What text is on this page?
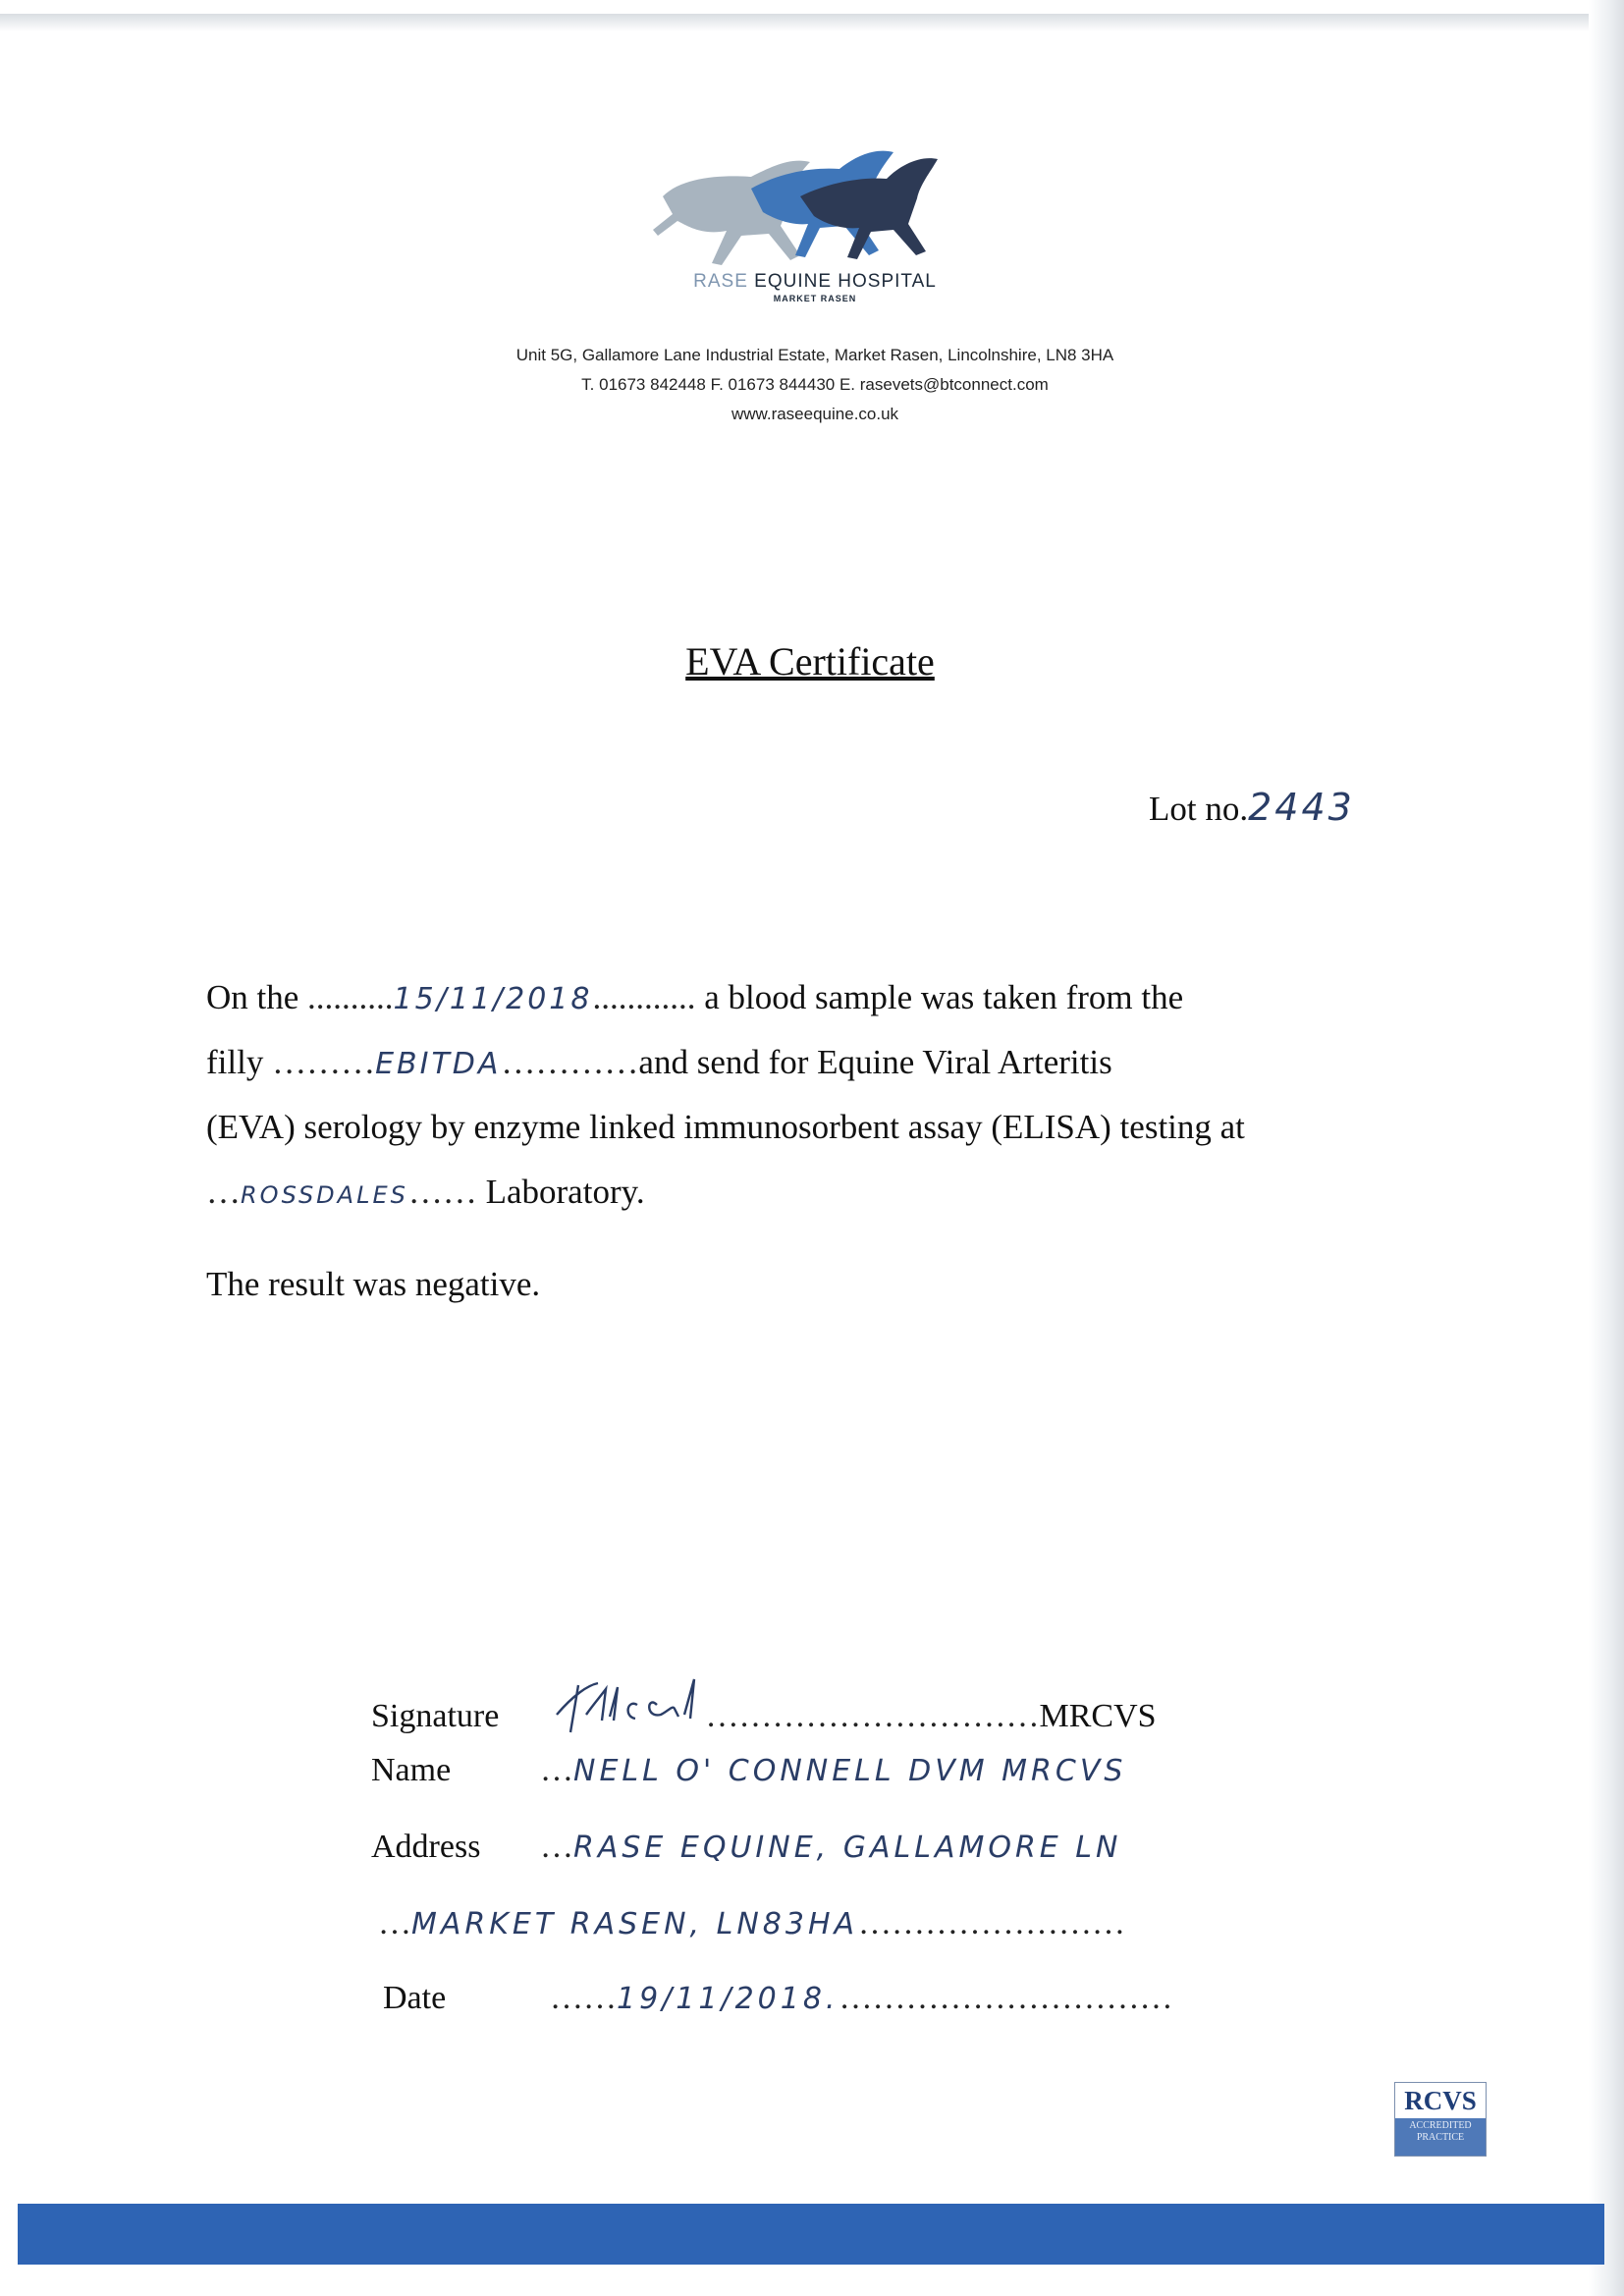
RASE EQUINE HOSPITAL
MARKET RASEN
Unit 5G, Gallamore Lane Industrial Estate, Market Rasen, Lincolnshire, LN8 3HA
T. 01673 842448 F. 01673 844430 E. rasevets@btconnect.com
www.raseequine.co.uk
EVA Certificate
Lot no.2443
On the ..........15/11/2018............ a blood sample was taken from the
filly ………EBITDA…………and send for Equine Viral Arteritis
(EVA) serology by enzyme linked immunosorbent assay (ELISA) testing at
…ROSSDALES…… Laboratory.
The result was negative.
Signature	…………………………MRCVS
Name	…NELL O' CONNELL DVM MRCVS
Address …RASE EQUINE, GALLAMORE LN
…MARKET RASEN, LN83HA……………………
Date	……19/11/2018.…………………………
RCVS
ACCREDITED
PRACTICE
